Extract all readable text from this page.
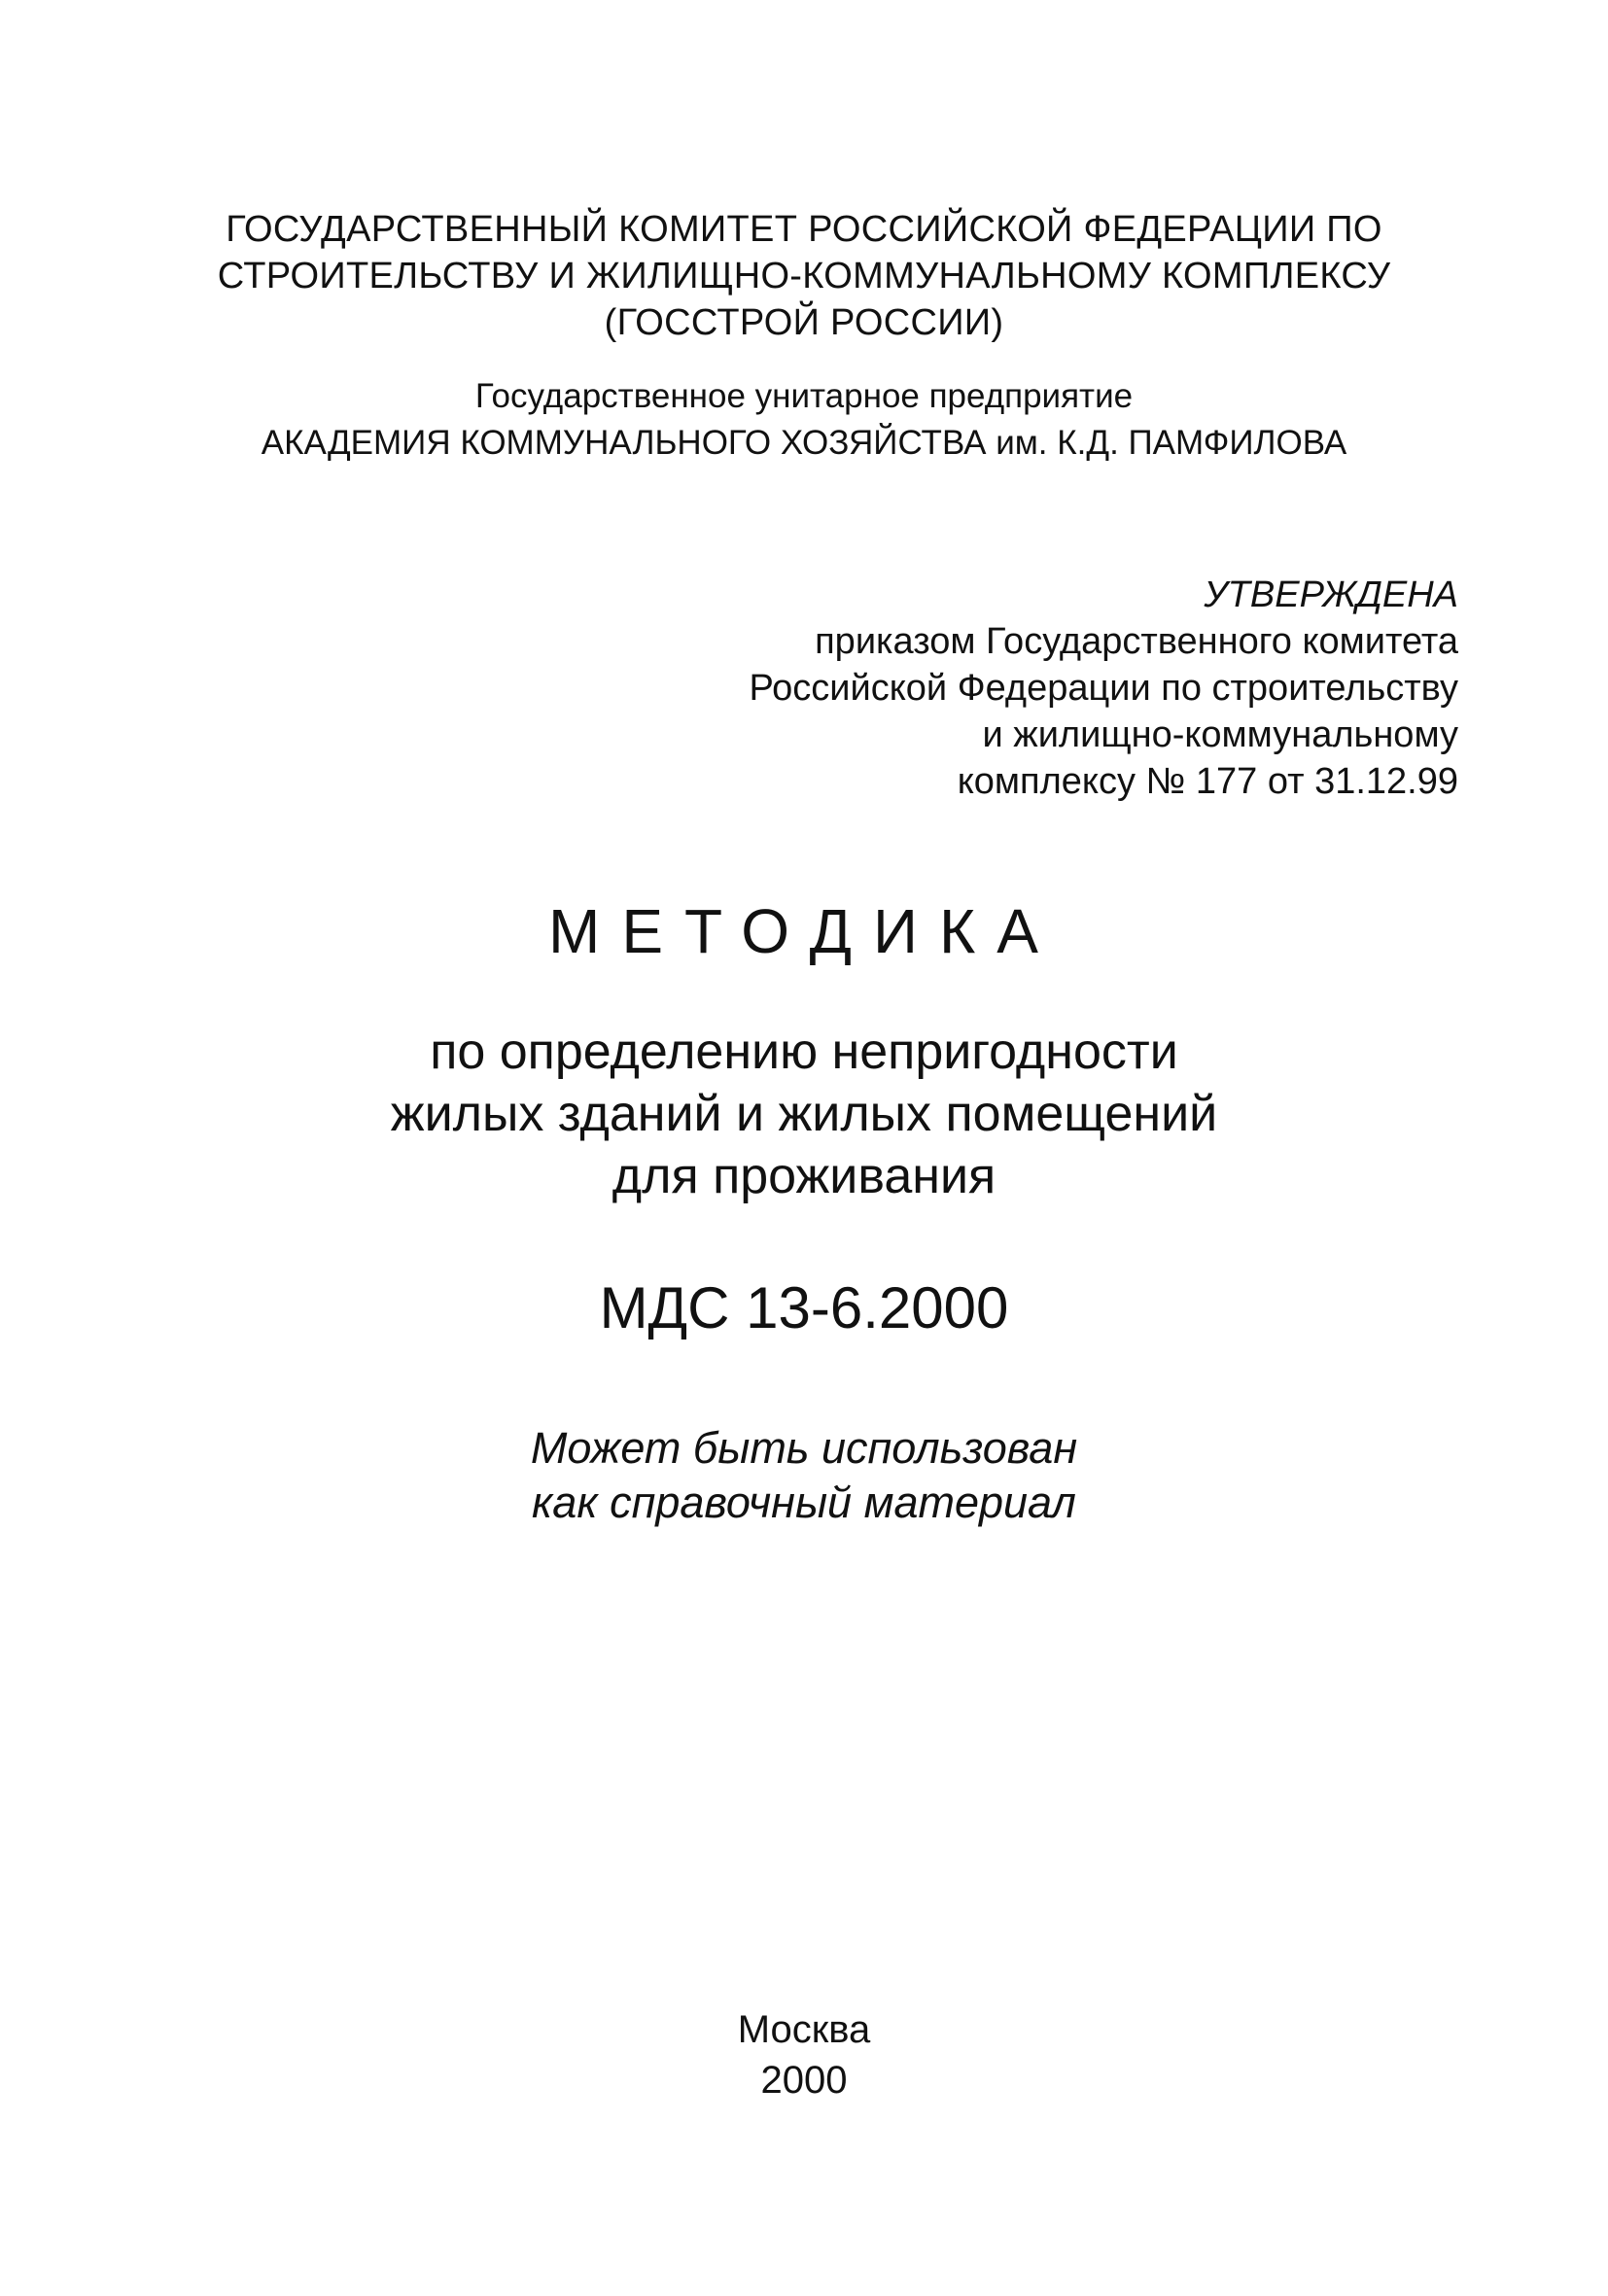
ГОСУДАРСТВЕННЫЙ КОМИТЕТ РОССИЙСКОЙ ФЕДЕРАЦИИ ПО
СТРОИТЕЛЬСТВУ И ЖИЛИЩНО-КОММУНАЛЬНОМУ КОМПЛЕКСУ
(ГОССТРОЙ РОССИИ)
Государственное унитарное предприятие
АКАДЕМИЯ КОММУНАЛЬНОГО ХОЗЯЙСТВА им. К.Д. ПАМФИЛОВА
УТВЕРЖДЕНА
приказом Государственного комитета
Российской Федерации по строительству
и жилищно-коммунальному
комплексу № 177 от 31.12.99
МЕТОДИКА
по определению непригодности
жилых зданий и жилых помещений
для проживания
МДС 13-6.2000
Может быть использован
как справочный материал
Москва
2000
